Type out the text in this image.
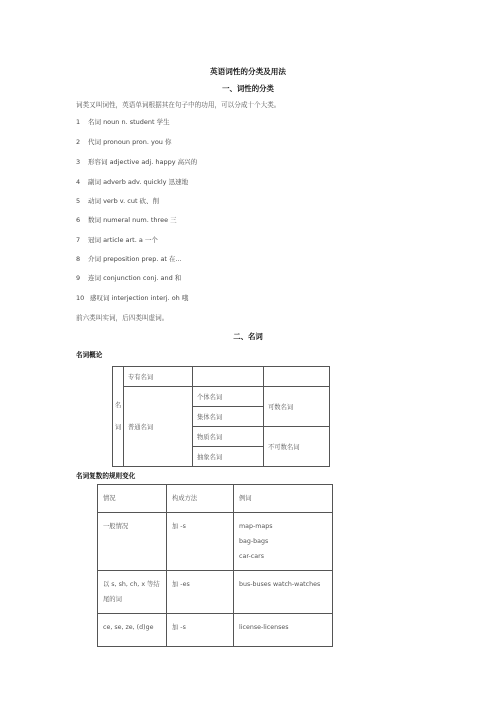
英语词性的分类及用法
一、词性的分类
词类又叫词性，英语单词根据其在句子中的功用，可以分成十个大类。
1 名词 noun n. student 学生
2 代词 pronoun pron. you 你
3 形容词 adjective adj. happy 高兴的
4 副词 adverb adv. quickly 迅速地
5 动词 verb v. cut 砍、削
6 数词 numeral num. three 三
7 冠词 article art. a 一个
8 介词 preposition prep. at 在...
9 连词 conjunction conj. and 和
10 感叹词 interjection interj. oh 哦
前六类叫实词，后四类叫虚词。
二、名词
名词概论
名词	专有名词		
	普通名词	个体名词	可数名词
		集体名词	
		物质名词	不可数名词
		抽象名词	
名词复数的规则变化
情况	构成方法	例词
一般情况	加 -s	map-maps
bag-bags
car-cars

以 s, sh, ch, x 等结尾的词	加 -es	bus-buses watch-watches

ce, se, ze, (d)ge	加 -s	license-licenses
